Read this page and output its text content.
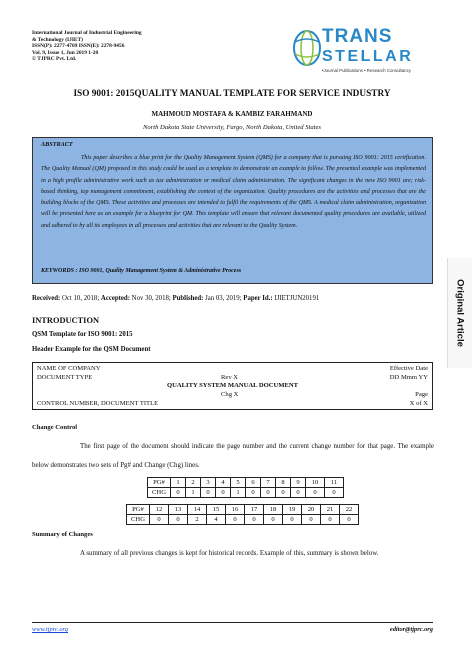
International Journal of Industrial Engineering
& Technology (IJIET)
ISSN(P): 2277-4769 ISSN(E): 2278-9456
Vol. 9, Issue 1, Jun 2019 1-20
© TJPRC Pvt. Ltd.
TRANS
STELLAR
•Journal Publications • Research Consultancy
ISO 9001: 2015QUALITY MANUAL TEMPLATE FOR SERVICE INDUSTRY
MAHMOUD MOSTAFA & KAMBIZ FARAHMAND
North Dakota State University, Fargo, North Dakota, United States
ABSTRACT
This paper describes a blue print for the Quality Management System (QMS) for a company that is pursuing ISO 9001: 2015 certification. The Quality Manual (QM) proposed in this study could be used as a template to demonstrate an example to follow. The presented example was implemented in a high profile administrative work such as tax administration or medical claim administration. The significant changes in the new ISO 9001 are; risk-based thinking, top management commitment, establishing the context of the organization. Quality procedures are the activities and processes that are the building blocks of the QMS. These activities and processes are intended to fulfil the requirements of the QMS. A medical claim administration, organization will be presented here as an example for a blueprint for QM. This template will ensure that relevant documented quality procedures are available, utilized and adhered to by all its employees in all processes and activities that are relevant to the Quality System.
KEYWORDS : ISO 9001, Quality Management System & Administrative Process
Received: Oct 10, 2018; Accepted: Nov 30, 2018; Published: Jan 03, 2019; Paper Id.: IJIETJUN20191	Original Article
INTRODUCTION
QSM Template for ISO 9001: 2015
Header Example for the QSM Document
NAME OF COMPANY	Effective Date
DOCUMENT TYPE	Rev X	DD Mmm YY
QUALITY SYSTEM MANUAL DOCUMENT
Chg X	Page
CONTROL NUMBER, DOCUMENT TITLE	X of X
Change Control
The first page of the document should indicate the page number and the current change number for that page. The example below demonstrates two sets of Pg# and Change (Chg) lines.
PG#	1	2	3	4	5	6	7	8	9	10	11
CHG	0	1	0	0	1	0	0	0	0	0	0
PG#	12	13	14	15	16	17	18	19	20	21	22
CHG	0	0	2	4	0	0	0	0	0	0	0
Summary of Changes
A summary of all previous changes is kept for historical records. Example of this, summary is shown below.
www.tjprc.org	editor@tjprc.org
